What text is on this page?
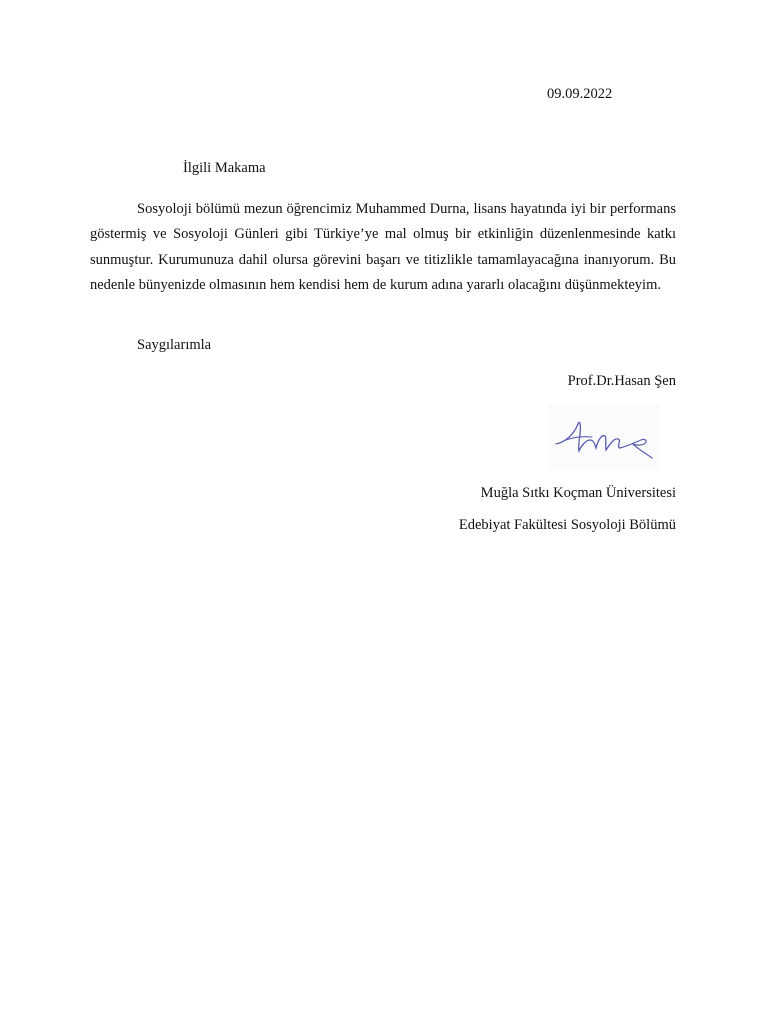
09.09.2022
İlgili Makama

Sosyoloji bölümü mezun öğrencimiz Muhammed Durna, lisans hayatında iyi bir performans göstermiş ve Sosyoloji Günleri gibi Türkiye’ye mal olmuş bir etkinliğin düzenlenmesinde katkı sunmuştur. Kurumunuza dahil olursa görevini başarı ve titizlikle tamamlayacağına inanıyorum. Bu nedenle bünyenizde olmasının hem kendisi hem de kurum adına yararlı olacağını düşünmekteyim.

Saygılarımla
Prof.Dr.Hasan Şen
Muğla Sıtkı Koçman Üniversitesi
Edebiyat Fakültesi Sosyoloji Bölümü
